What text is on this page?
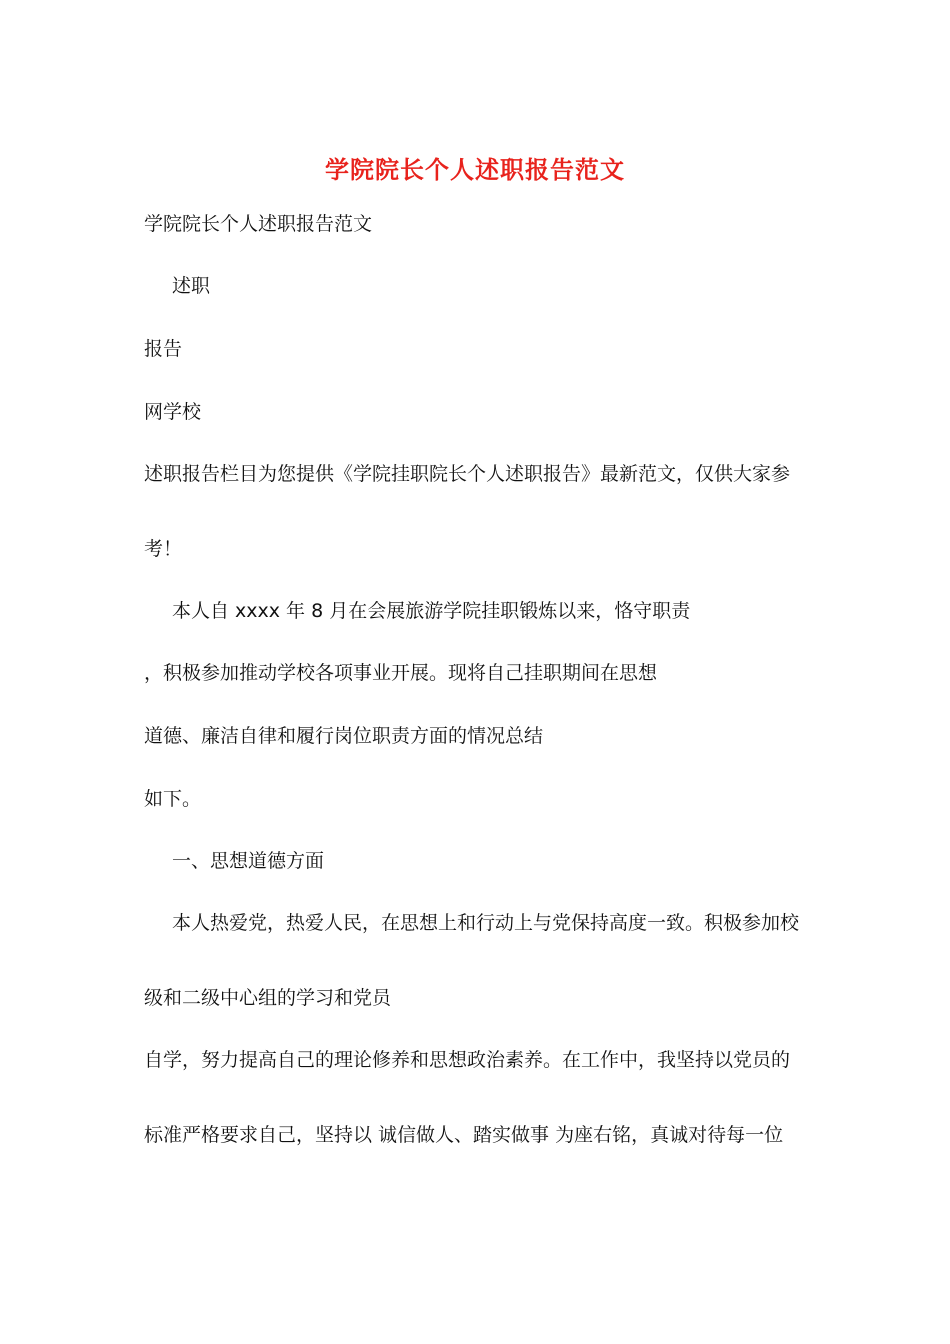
学院院长个人述职报告范文
学院院长个人述职报告范文
述职
报告
网学校
述职报告栏目为您提供《学院挂职院长个人述职报告》最新范文，仅供大家参
考！
本人自 xxxx 年 8 月在会展旅游学院挂职锻炼以来，恪守职责
，积极参加推动学校各项事业开展。现将自己挂职期间在思想
道德、廉洁自律和履行岗位职责方面的情况总结
如下。
一、思想道德方面
本人热爱党，热爱人民，在思想上和行动上与党保持高度一致。积极参加校
级和二级中心组的学习和党员
自学，努力提高自己的理论修养和思想政治素养。在工作中，我坚持以党员的
标准严格要求自己，坚持以 诚信做人、踏实做事 为座右铭，真诚对待每一位
